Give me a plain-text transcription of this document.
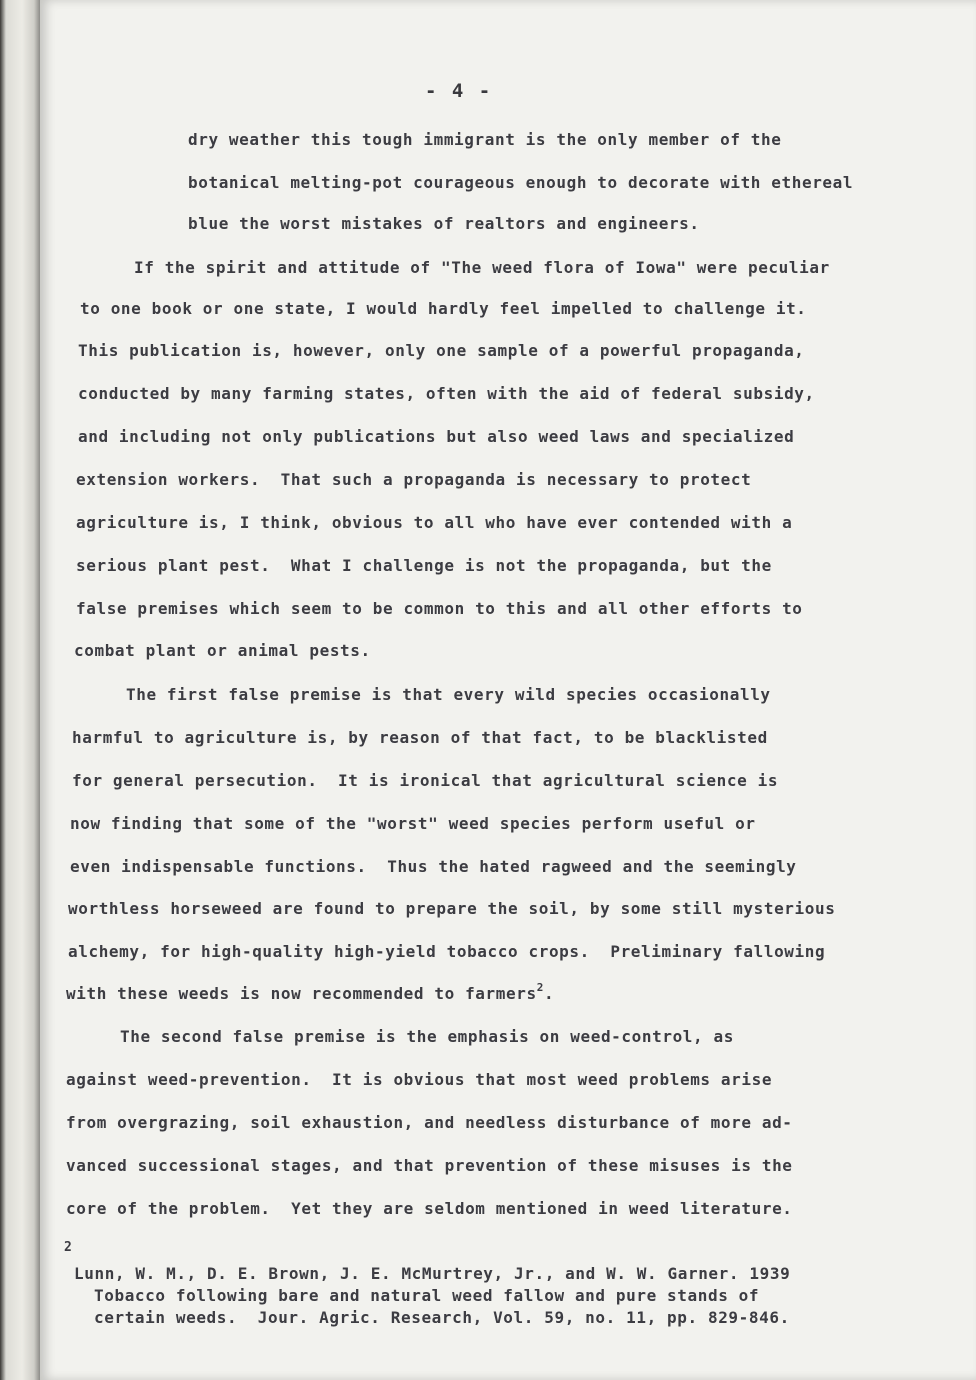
- 4 -
dry weather this tough immigrant is the only member of the
botanical melting-pot courageous enough to decorate with ethereal
blue the worst mistakes of realtors and engineers.
If the spirit and attitude of "The weed flora of Iowa" were peculiar
to one book or one state, I would hardly feel impelled to challenge it.
This publication is, however, only one sample of a powerful propaganda,
conducted by many farming states, often with the aid of federal subsidy,
and including not only publications but also weed laws and specialized
extension workers.  That such a propaganda is necessary to protect
agriculture is, I think, obvious to all who have ever contended with a
serious plant pest.  What I challenge is not the propaganda, but the
false premises which seem to be common to this and all other efforts to
combat plant or animal pests.
The first false premise is that every wild species occasionally
harmful to agriculture is, by reason of that fact, to be blacklisted
for general persecution.  It is ironical that agricultural science is
now finding that some of the "worst" weed species perform useful or
even indispensable functions.  Thus the hated ragweed and the seemingly
worthless horseweed are found to prepare the soil, by some still mysterious
alchemy, for high-quality high-yield tobacco crops.  Preliminary fallowing
with these weeds is now recommended to farmers$^2$.
The second false premise is the emphasis on weed-control, as
against weed-prevention.  It is obvious that most weed problems arise
from overgrazing, soil exhaustion, and needless disturbance of more ad-
vanced successional stages, and that prevention of these misuses is the
core of the problem.  Yet they are seldom mentioned in weed literature.
2
Lunn, W. M., D. E. Brown, J. E. McMurtrey, Jr., and W. W. Garner. 1939
Tobacco following bare and natural weed fallow and pure stands of
certain weeds.  Jour. Agric. Research, Vol. 59, no. 11, pp. 829-846.
